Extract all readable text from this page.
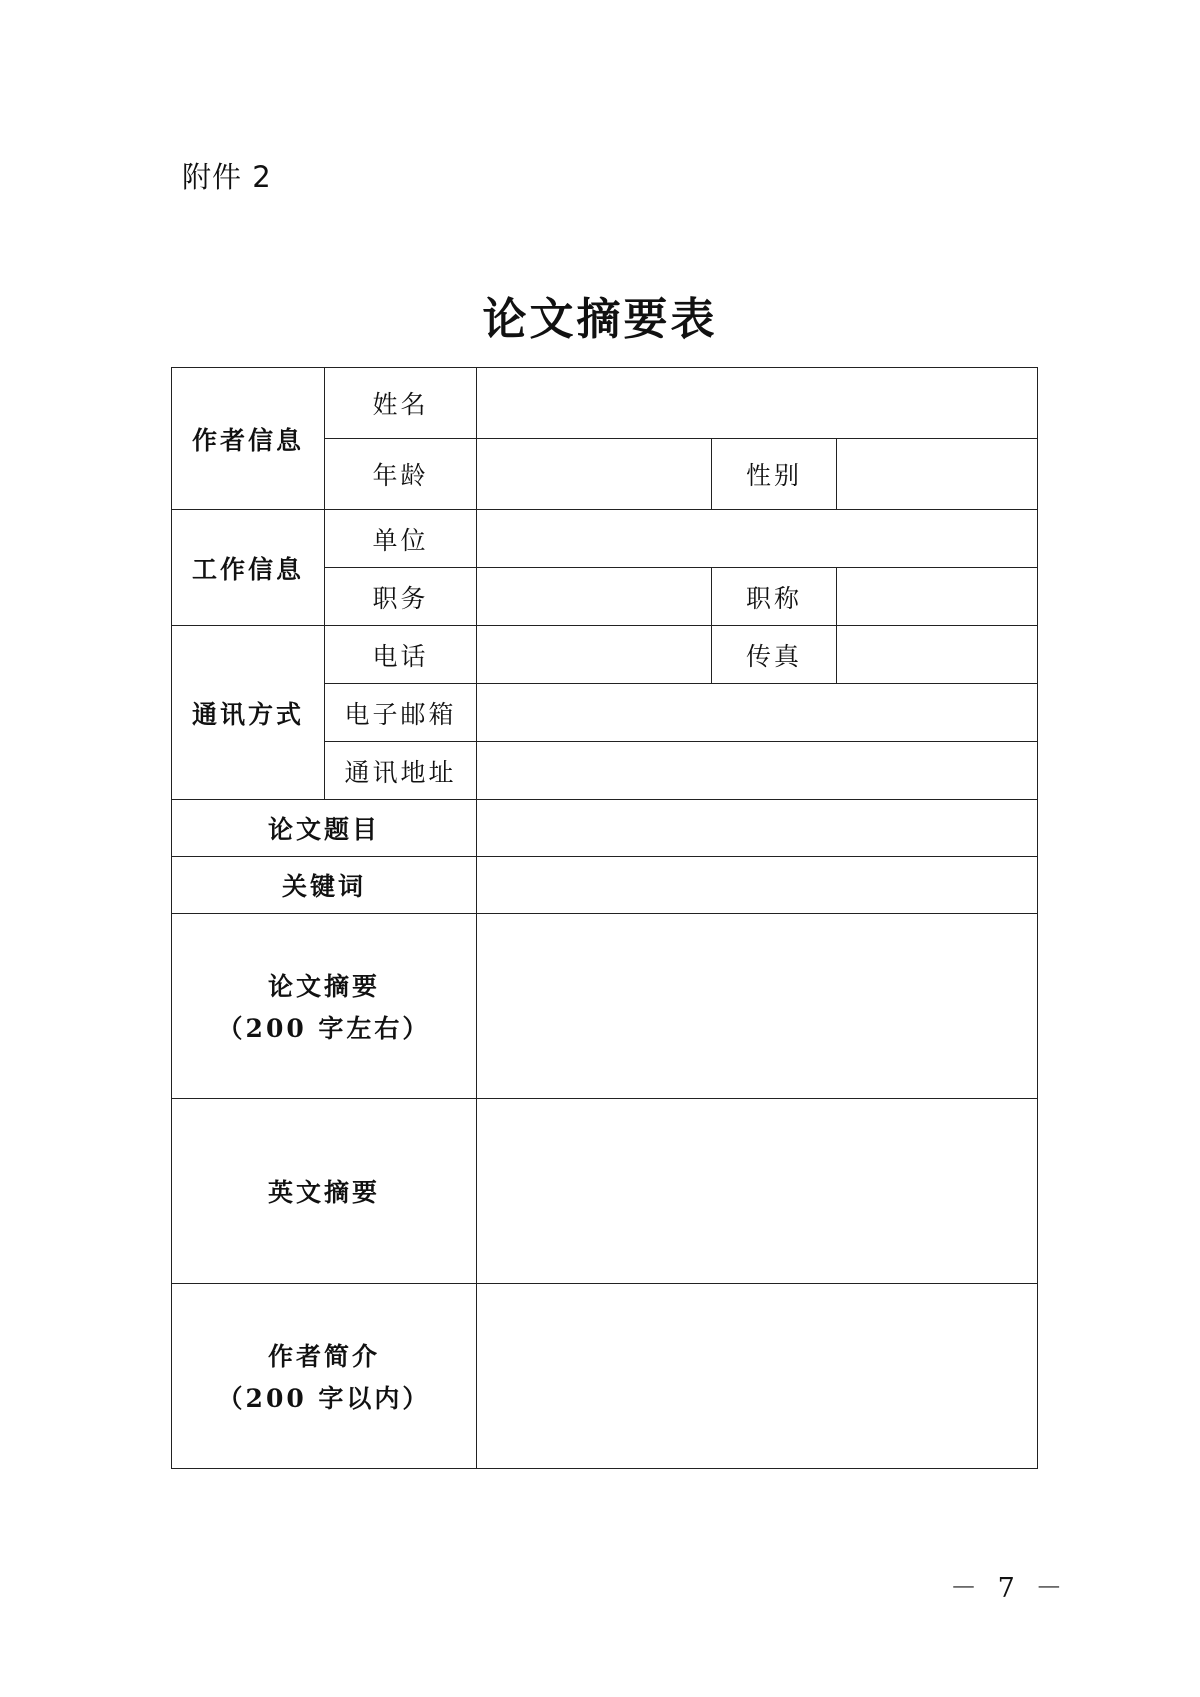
附件 2
论文摘要表
作者信息	姓名			
	年龄		性别	
工作信息	单位			
	职务		职称	
通讯方式	电话		传真	
	电子邮箱			
	通讯地址			
论文题目				
关键词				
论文摘要
（200 字左右）				

英文摘要				
作者简介
（200 字以内）				

－ 7 －
